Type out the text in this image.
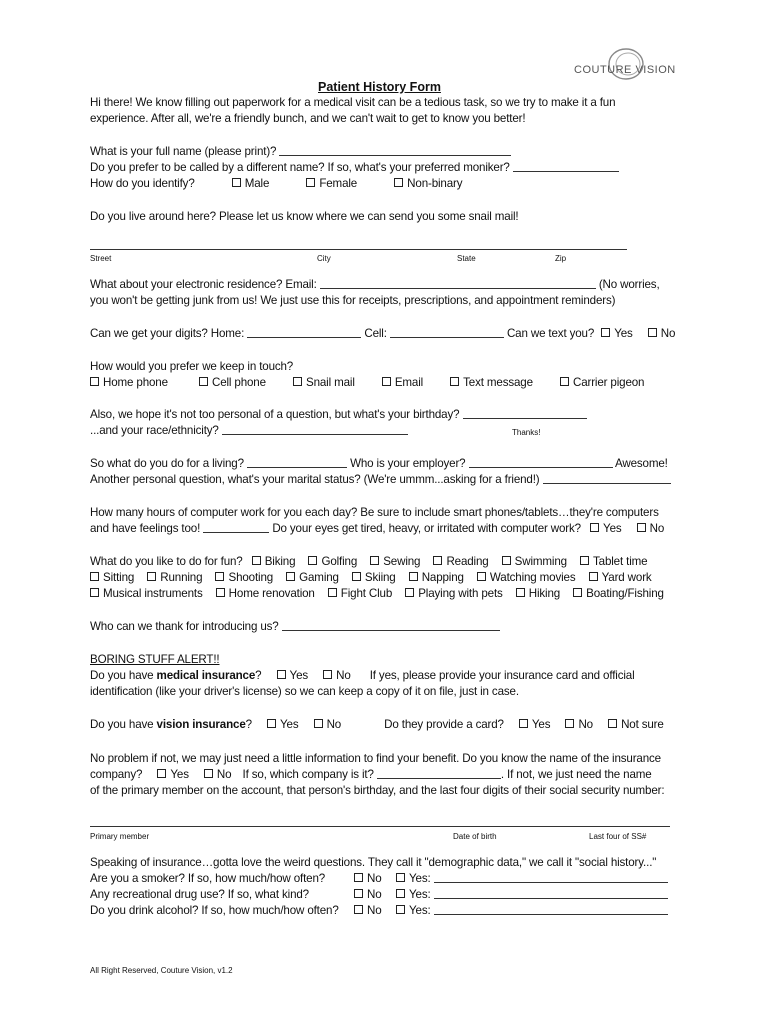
COUTURE VISION
Patient History Form
Hi there! We know filling out paperwork for a medical visit can be a tedious task, so we try to make it a fun
experience. After all, we're a friendly bunch, and we can't wait to get to know you better!
What is your full name (please print)?
Do you prefer to be called by a different name? If so, what's your preferred moniker?
How do you identify?	Male	Female	Non-binary
Do you live around here? Please let us know where we can send you some snail mail!
Street	City	State	Zip
What about your electronic residence? Email:	(No worries,
you won't be getting junk from us! We just use this for receipts, prescriptions, and appointment reminders)
Can we get your digits? Home:	Cell:	Can we text you? Yes No
How would you prefer we keep in touch?
Home phone	Cell phone	Snail mail	Email	Text message	Carrier pigeon
Also, we hope it's not too personal of a question, but what's your birthday?
...and your race/ethnicity?	Thanks!
So what do you do for a living?	Who is your employer?	Awesome!
Another personal question, what's your marital status? (We're ummm...asking for a friend!)
How many hours of computer work for you each day? Be sure to include smart phones/tablets…they're computers
and have feelings too!	Do your eyes get tired, heavy, or irritated with computer work? Yes No
What do you like to do for fun? Biking Golfing Sewing Reading Swimming Tablet time
Sitting Running Shooting Gaming Skiing Napping Watching movies Yard work
Musical instruments Home renovation Fight Club Playing with pets Hiking Boating/Fishing
Who can we thank for introducing us?
BORING STUFF ALERT!!
Do you have medical insurance? Yes No If yes, please provide your insurance card and official
identification (like your driver's license) so we can keep a copy of it on file, just in case.
Do you have vision insurance? Yes No	Do they provide a card? Yes No Not sure
No problem if not, we may just need a little information to find your benefit. Do you know the name of the insurance
company? Yes No If so, which company is it?	. If not, we just need the name
of the primary member on the account, that person's birthday, and the last four digits of their social security number:
Primary member	Date of birth	Last four of SS#
Speaking of insurance…gotta love the weird questions. They call it "demographic data," we call it "social history..."
Are you a smoker? If so, how much/how often?	No	Yes:
Any recreational drug use? If so, what kind?	No	Yes:
Do you drink alcohol? If so, how much/how often?	No	Yes:
All Right Reserved, Couture Vision, v1.2
